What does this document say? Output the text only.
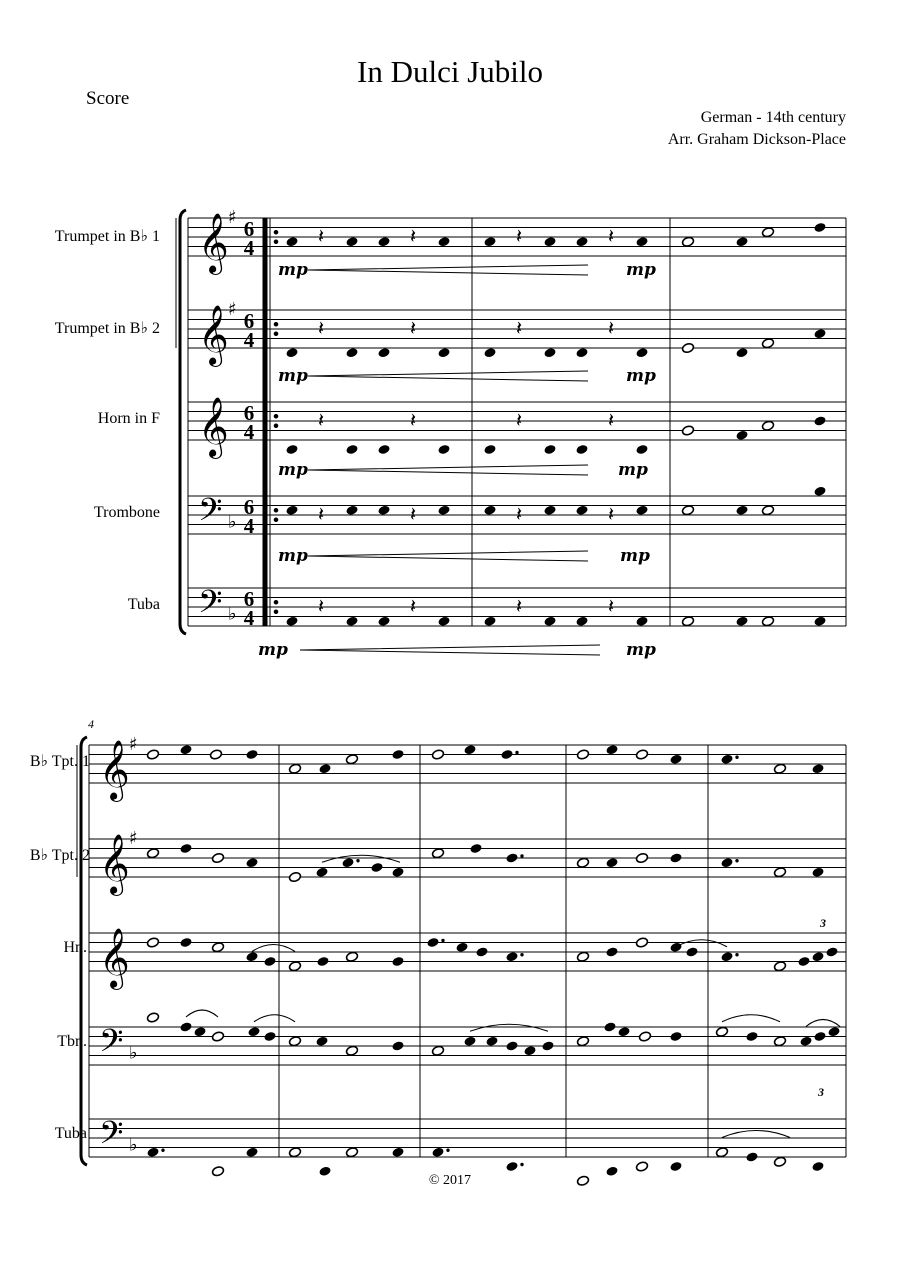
In Dulci Jubilo
Score
German - 14th century
Arr. Graham Dickson-Place
Trumpet in B♭ 1
Trumpet in B♭ 2
Horn in F
Trombone
Tuba
B♭ Tpt. 1
B♭ Tpt. 2
Hn.
Tbn.
Tuba
© 2017
𝄞
𝄞
𝄞
𝄢
𝄢
𝄞
𝄞
𝄞
𝄢
𝄢
♯
♯
♭
♭
♯
♯
♭
♭
6
4
6
4
6
4
6
4
6
4
𝄽	𝄽	𝄽	𝄽
𝄽	𝄽	𝄽	𝄽
𝄽	𝄽	𝄽	𝄽
𝄽	𝄽	𝄽	𝄽
𝄽	𝄽	𝄽	𝄽
mp	mp
mp	mp
mp	mp
mp	mp
mp	mp
3
3
4
